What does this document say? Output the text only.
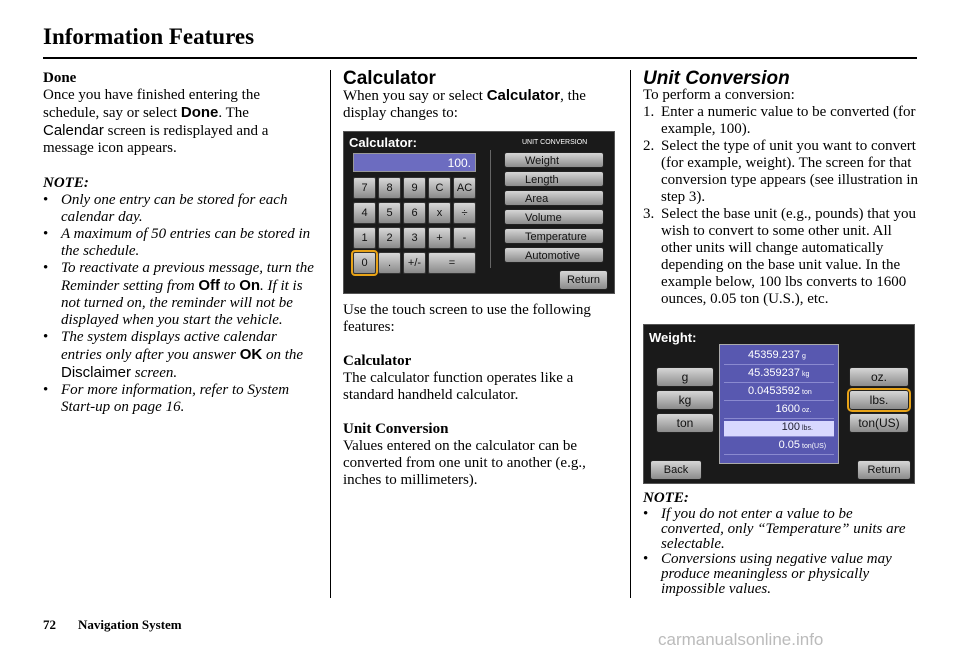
Information Features

Done

Once you have finished entering the
schedule, say or select Done. The
Calendar screen is redisplayed and a
message icon appears.

NOTE:

• Only one entry can be stored for each calendar day.

• A maximum of 50 entries can be stored in the schedule.

• To reactivate a previous message, turn the Reminder setting from Off to On. If it is not turned on, the reminder will not be displayed when you start the vehicle.

• The system displays active calendar entries only after you answer OK on the Disclaimer screen.

• For more information, refer to System Start-up on page 16.

Calculator

When you say or select Calculator, the display changes to:

Calculator:	UNIT CONVERSION
100.
7	8	9	C	AC
4	5	6	x	÷
1	2	3	+	-
0	.	+/-	=
Weight
Length
Area
Volume
Temperature
Automotive
Return

Use the touch screen to use the following features:

Calculator

The calculator function operates like a standard handheld calculator.

Unit Conversion

Values entered on the calculator can be converted from one unit to another (e.g., inches to millimeters).

Unit Conversion

To perform a conversion:

1. Enter a numeric value to be converted (for example, 100).

2. Select the type of unit you want to convert (for example, weight). The screen for that conversion type appears (see illustration in step 3).

3. Select the base unit (e.g., pounds) that you wish to convert to some other unit. All other units will change automatically depending on the base unit value. In the example below, 100 lbs converts to 1600 ounces, 0.05 ton (U.S.), etc.

Weight:
45359.237 g
45.359237 kg
0.0453592 ton
1600 oz.
100 lbs.
0.05 ton(US)
g
kg
ton
oz.
lbs.
ton(US)
Back	Return

NOTE:

• If you do not enter a value to be converted, only “Temperature” units are selectable.

• Conversions using negative value may produce meaningless or physically impossible values.

72 Navigation System
carmanualsonline.info
